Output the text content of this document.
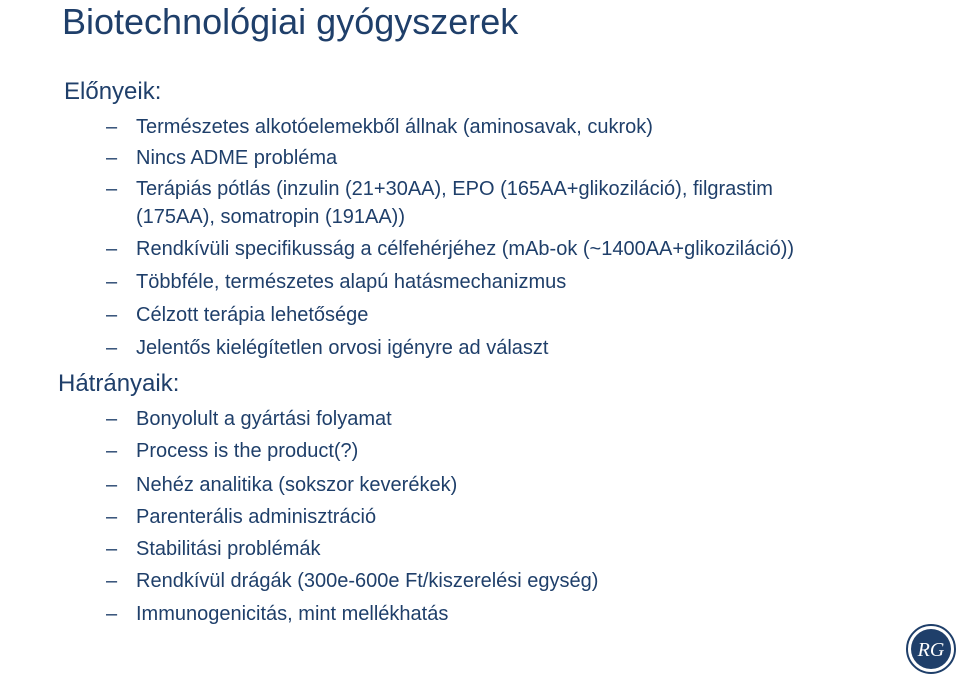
Biotechnológiai gyógyszerek
Előnyeik:
– Természetes alkotóelemekből állnak (aminosavak, cukrok)
– Nincs ADME probléma
– Terápiás pótlás (inzulin (21+30AA), EPO (165AA+glikoziláció), filgrastim
(175AA), somatropin (191AA))
– Rendkívüli specifikusság a célfehérjéhez (mAb-ok (~1400AA+glikoziláció))
– Többféle, természetes alapú hatásmechanizmus
– Célzott terápia lehetősége
– Jelentős kielégítetlen orvosi igényre ad választ
Hátrányaik:
– Bonyolult a gyártási folyamat
– Process is the product(?)
– Nehéz analitika (sokszor keverékek)
– Parenterális adminisztráció
– Stabilitási problémák
– Rendkívül drágák (300e-600e Ft/kiszerelési egység)
– Immunogenicitás, mint mellékhatás
RG
